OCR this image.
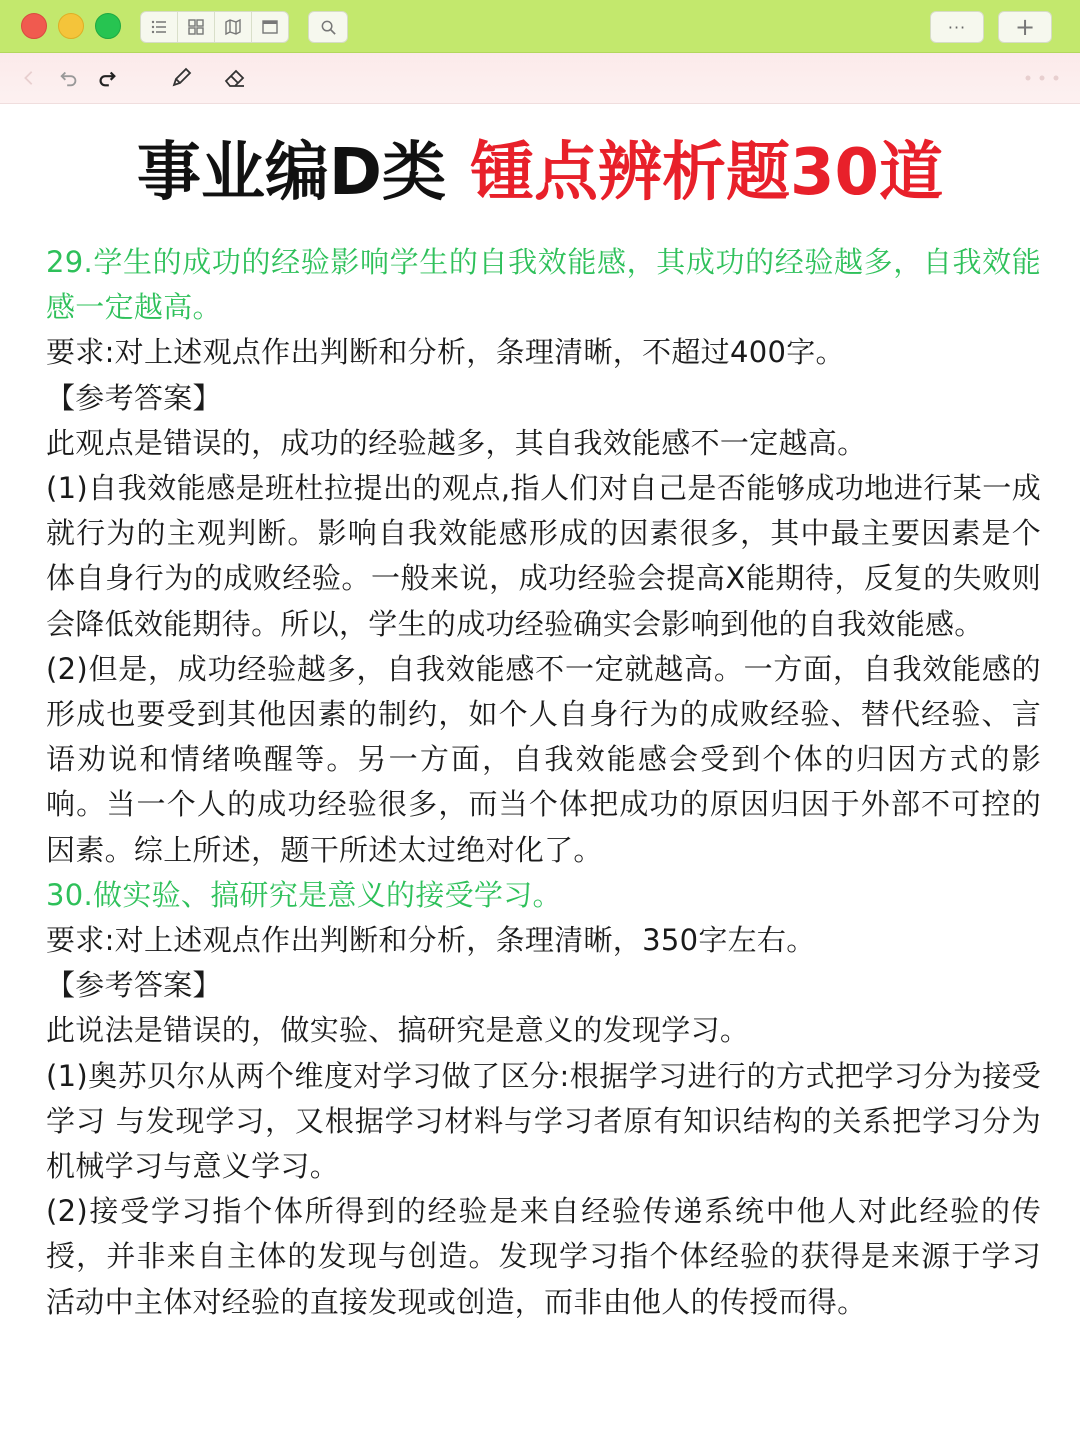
··· +
事业编D类 锺点辨析题30道

29.学生的成功的经验影响学生的自我效能感，其成功的经验越多，自我效能感一定越高。

要求:对上述观点作出判断和分析，条理清晰，不超过400字。

【参考答案】

此观点是错误的，成功的经验越多，其自我效能感不一定越高。

(1)自我效能感是班杜拉提出的观点,指人们对自己是否能够成功地进行某一成就行为的主观判断。影响自我效能感形成的因素很多，其中最主要因素是个体自身行为的成败经验。一般来说，成功经验会提高X能期待，反复的失败则会降低效能期待。所以，学生的成功经验确实会影响到他的自我效能感。

(2)但是，成功经验越多，自我效能感不一定就越高。一方面，自我效能感的形成也要受到其他因素的制约，如个人自身行为的成败经验、替代经验、言语劝说和情绪唤醒等。另一方面，自我效能感会受到个体的归因方式的影响。当一个人的成功经验很多，而当个体把成功的原因归因于外部不可控的因素。综上所述，题干所述太过绝对化了。

30.做实验、搞研究是意义的接受学习。

要求:对上述观点作出判断和分析，条理清晰，350字左右。

【参考答案】

此说法是错误的，做实验、搞研究是意义的发现学习。

(1)奥苏贝尔从两个维度对学习做了区分:根据学习进行的方式把学习分为接受学习 与发现学习，又根据学习材料与学习者原有知识结构的关系把学习分为机械学习与意义学习。

(2)接受学习指个体所得到的经验是来自经验传递系统中他人对此经验的传授，并非来自主体的发现与创造。发现学习指个体经验的获得是来源于学习活动中主体对经验的直接发现或创造，而非由他人的传授而得。
